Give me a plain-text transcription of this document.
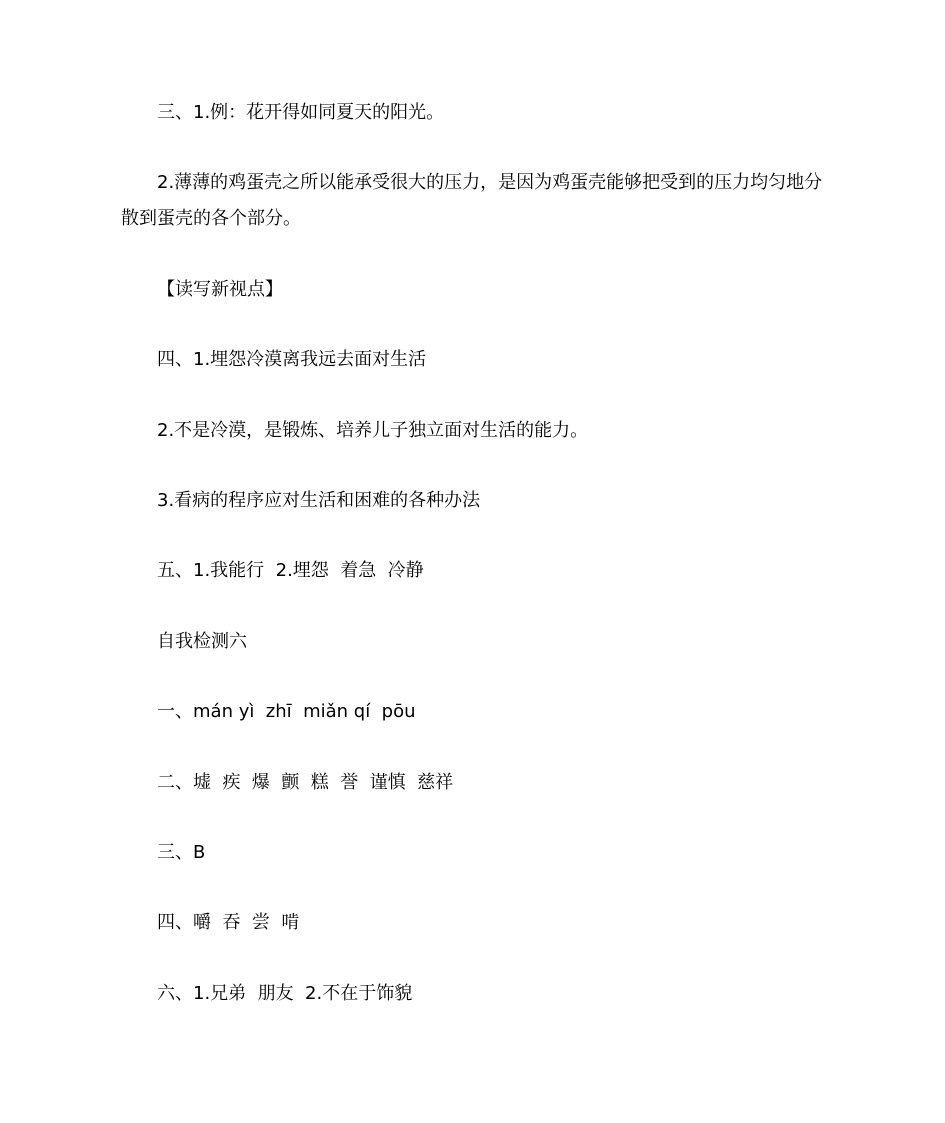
三、1.例：花开得如同夏天的阳光。
2.薄薄的鸡蛋壳之所以能承受很大的压力，是因为鸡蛋壳能够把受到的压力均匀地分
散到蛋壳的各个部分。
【读写新视点】
四、1.埋怨冷漠离我远去面对生活
2.不是冷漠，是锻炼、培养儿子独立面对生活的能力。
3.看病的程序应对生活和困难的各种办法
五、1.我能行  2.埋怨  着急  冷静
自我检测六
一、mán yì  zhī  miǎn qí  pōu
二、墟  疾  爆  颤  糕  誉  谨慎  慈祥
三、B
四、嚼  吞  尝  啃
六、1.兄弟  朋友  2.不在于饰貌
